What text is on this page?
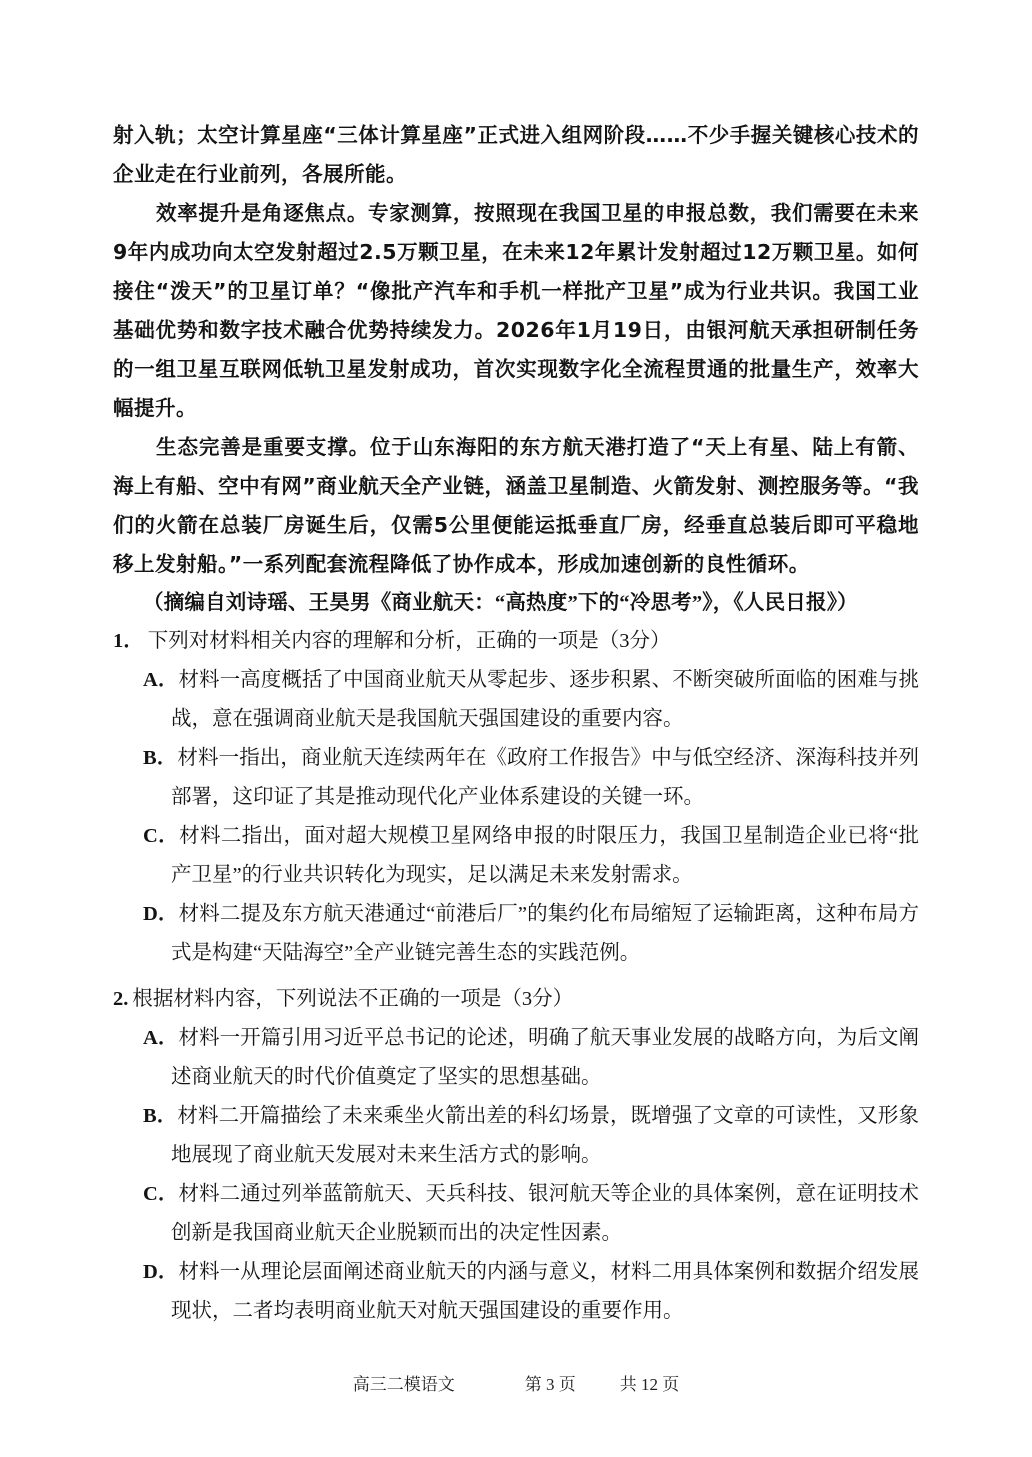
射入轨；太空计算星座“三体计算星座”正式进入组网阶段……不少手握关键核心技术的企业走在行业前列，各展所能。

效率提升是角逐焦点。专家测算，按照现在我国卫星的申报总数，我们需要在未来9年内成功向太空发射超过2.5万颗卫星，在未来12年累计发射超过12万颗卫星。如何接住“泼天”的卫星订单？“像批产汽车和手机一样批产卫星”成为行业共识。我国工业基础优势和数字技术融合优势持续发力。2026年1月19日，由银河航天承担研制任务的一组卫星互联网低轨卫星发射成功，首次实现数字化全流程贯通的批量生产，效率大幅提升。

生态完善是重要支撑。位于山东海阳的东方航天港打造了“天上有星、陆上有箭、海上有船、空中有网”商业航天全产业链，涵盖卫星制造、火箭发射、测控服务等。“我们的火箭在总装厂房诞生后，仅需5公里便能运抵垂直厂房，经垂直总装后即可平稳地移上发射船。”一系列配套流程降低了协作成本，形成加速创新的良性循环。

（摘编自刘诗瑶、王昊男《商业航天：“高热度”下的“冷思考”》，《人民日报》）

1． 下列对材料相关内容的理解和分析，正确的一项是（3分）

A．材料一高度概括了中国商业航天从零起步、逐步积累、不断突破所面临的困难与挑战，意在强调商业航天是我国航天强国建设的重要内容。

B．材料一指出，商业航天连续两年在《政府工作报告》中与低空经济、深海科技并列部署，这印证了其是推动现代化产业体系建设的关键一环。

C．材料二指出，面对超大规模卫星网络申报的时限压力，我国卫星制造企业已将“批产卫星”的行业共识转化为现实，足以满足未来发射需求。

D．材料二提及东方航天港通过“前港后厂”的集约化布局缩短了运输距离，这种布局方式是构建“天陆海空”全产业链完善生态的实践范例。

2. 根据材料内容，下列说法不正确的一项是（3分）

A．材料一开篇引用习近平总书记的论述，明确了航天事业发展的战略方向，为后文阐述商业航天的时代价值奠定了坚实的思想基础。

B．材料二开篇描绘了未来乘坐火箭出差的科幻场景，既增强了文章的可读性，又形象地展现了商业航天发展对未来生活方式的影响。

C．材料二通过列举蓝箭航天、天兵科技、银河航天等企业的具体案例，意在证明技术创新是我国商业航天企业脱颖而出的决定性因素。

D．材料一从理论层面阐述商业航天的内涵与意义，材料二用具体案例和数据介绍发展现状，二者均表明商业航天对航天强国建设的重要作用。

高三二模语文	第 3 页	共 12 页
